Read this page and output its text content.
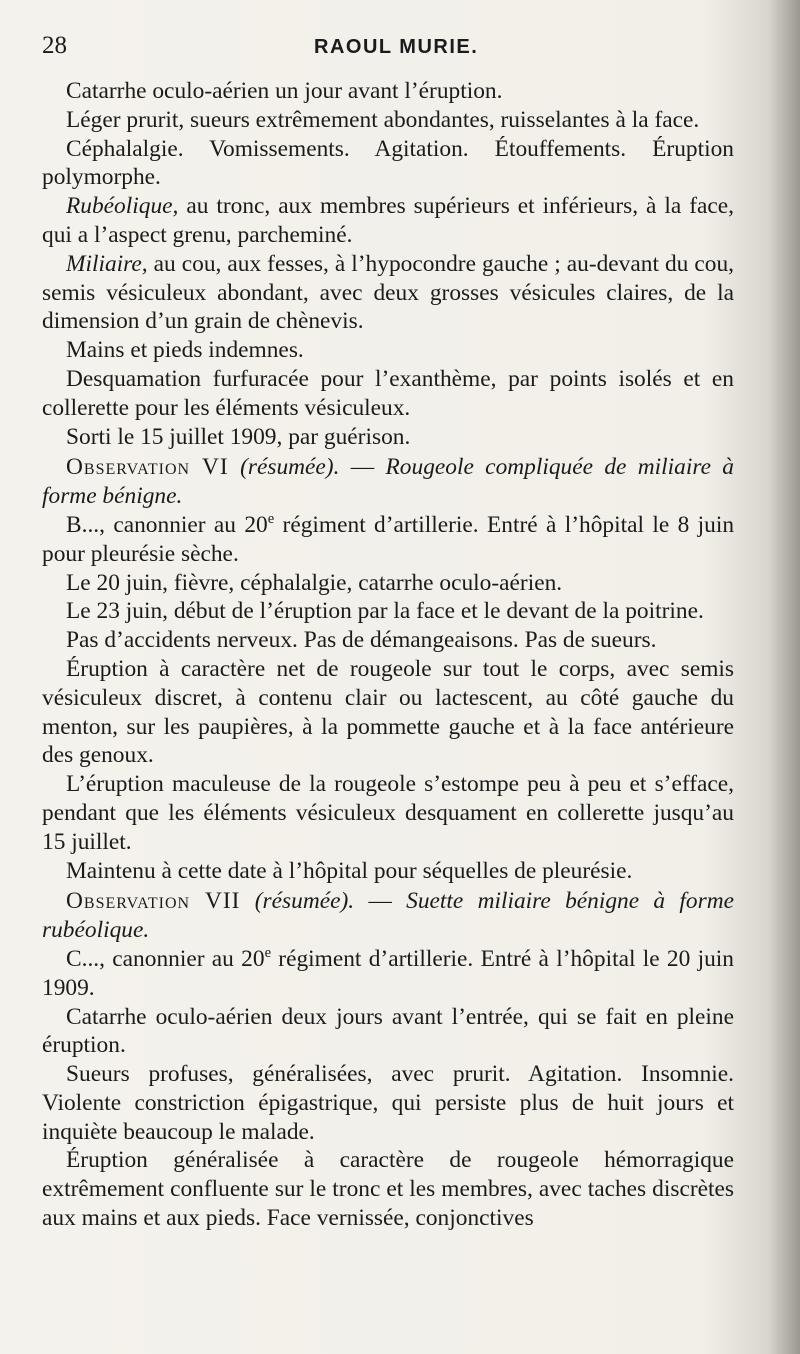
28	RAOUL MURIE.

Catarrhe oculo-aérien un jour avant l’éruption.

Léger prurit, sueurs extrêmement abondantes, ruisselantes à la face.

Céphalalgie. Vomissements. Agitation. Étouffements. Éruption polymorphe.

Rubéolique, au tronc, aux membres supérieurs et inférieurs, à la face, qui a l’aspect grenu, parcheminé.

Miliaire, au cou, aux fesses, à l’hypocondre gauche ; au-devant du cou, semis vésiculeux abondant, avec deux grosses vésicules claires, de la dimension d’un grain de chènevis.

Mains et pieds indemnes.

Desquamation furfuracée pour l’exanthème, par points isolés et en collerette pour les éléments vésiculeux.

Sorti le 15 juillet 1909, par guérison.

Observation VI (résumée). — Rougeole compliquée de miliaire à forme bénigne.

B..., canonnier au 20e régiment d’artillerie. Entré à l’hôpital le 8 juin pour pleurésie sèche.

Le 20 juin, fièvre, céphalalgie, catarrhe oculo-aérien.

Le 23 juin, début de l’éruption par la face et le devant de la poitrine.

Pas d’accidents nerveux. Pas de démangeaisons. Pas de sueurs.

Éruption à caractère net de rougeole sur tout le corps, avec semis vésiculeux discret, à contenu clair ou lactescent, au côté gauche du menton, sur les paupières, à la pommette gauche et à la face antérieure des genoux.

L’éruption maculeuse de la rougeole s’estompe peu à peu et s’efface, pendant que les éléments vésiculeux desquament en collerette jusqu’au 15 juillet.

Maintenu à cette date à l’hôpital pour séquelles de pleurésie.

Observation VII (résumée). — Suette miliaire bénigne à forme rubéolique.

C..., canonnier au 20e régiment d’artillerie. Entré à l’hôpital le 20 juin 1909.

Catarrhe oculo-aérien deux jours avant l’entrée, qui se fait en pleine éruption.

Sueurs profuses, généralisées, avec prurit. Agitation. Insomnie. Violente constriction épigastrique, qui persiste plus de huit jours et inquiète beaucoup le malade.

Éruption généralisée à caractère de rougeole hémorragique extrêmement confluente sur le tronc et les membres, avec taches discrètes aux mains et aux pieds. Face vernissée, conjonctives
